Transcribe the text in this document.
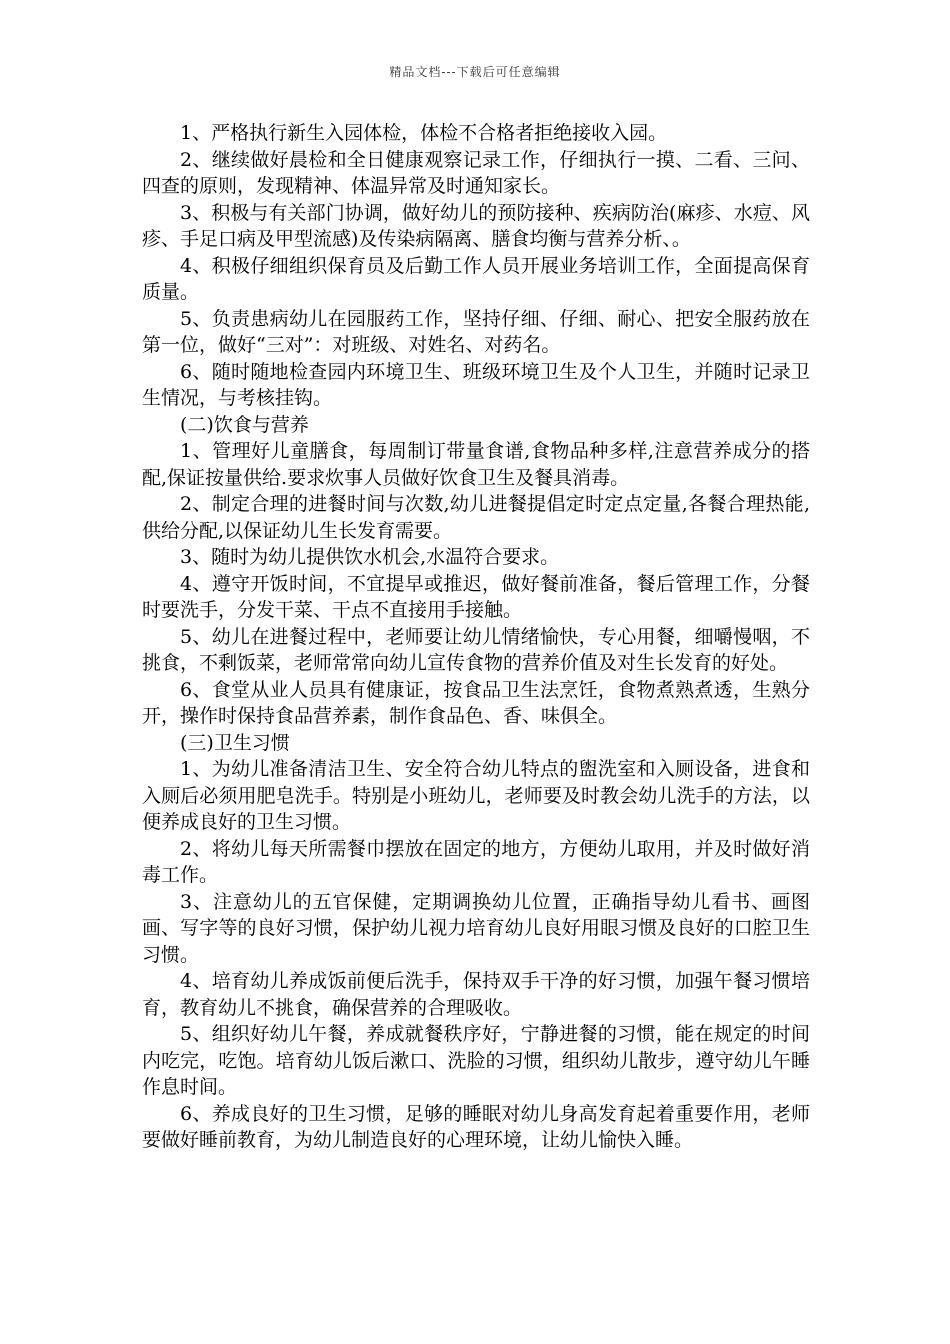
精品文档---下载后可任意编辑

1、严格执行新生入园体检，体检不合格者拒绝接收入园。

2、继续做好晨检和全日健康观察记录工作，仔细执行一摸、二看、三问、四查的原则，发现精神、体温异常及时通知家长。

3、积极与有关部门协调，做好幼儿的预防接种、疾病防治(麻疹、水痘、风疹、手足口病及甲型流感)及传染病隔离、膳食均衡与营养分析、。

4、积极仔细组织保育员及后勤工作人员开展业务培训工作，全面提高保育质量。

5、负责患病幼儿在园服药工作，坚持仔细、仔细、耐心、把安全服药放在第一位，做好“三对”：对班级、对姓名、对药名。

6、随时随地检查园内环境卫生、班级环境卫生及个人卫生，并随时记录卫生情况，与考核挂钩。

(二)饮食与营养

1、管理好儿童膳食，每周制订带量食谱,食物品种多样,注意营养成分的搭配,保证按量供给.要求炊事人员做好饮食卫生及餐具消毒。

2、制定合理的进餐时间与次数,幼儿进餐提倡定时定点定量,各餐合理热能,供给分配,以保证幼儿生长发育需要。

3、随时为幼儿提供饮水机会,水温符合要求。

4、遵守开饭时间，不宜提早或推迟，做好餐前准备，餐后管理工作，分餐时要洗手，分发干菜、干点不直接用手接触。

5、幼儿在进餐过程中，老师要让幼儿情绪愉快，专心用餐，细嚼慢咽，不挑食，不剩饭菜，老师常常向幼儿宣传食物的营养价值及对生长发育的好处。

6、食堂从业人员具有健康证，按食品卫生法烹饪，食物煮熟煮透，生熟分开，操作时保持食品营养素，制作食品色、香、味俱全。

(三)卫生习惯

1、为幼儿准备清洁卫生、安全符合幼儿特点的盥洗室和入厕设备，进食和入厕后必须用肥皂洗手。特别是小班幼儿，老师要及时教会幼儿洗手的方法，以便养成良好的卫生习惯。

2、将幼儿每天所需餐巾摆放在固定的地方，方便幼儿取用，并及时做好消毒工作。

3、注意幼儿的五官保健，定期调换幼儿位置，正确指导幼儿看书、画图画、写字等的良好习惯，保护幼儿视力培育幼儿良好用眼习惯及良好的口腔卫生习惯。

4、培育幼儿养成饭前便后洗手，保持双手干净的好习惯，加强午餐习惯培育，教育幼儿不挑食，确保营养的合理吸收。

5、组织好幼儿午餐，养成就餐秩序好，宁静进餐的习惯，能在规定的时间内吃完，吃饱。培育幼儿饭后漱口、洗脸的习惯，组织幼儿散步，遵守幼儿午睡作息时间。

6、养成良好的卫生习惯，足够的睡眠对幼儿身高发育起着重要作用，老师要做好睡前教育，为幼儿制造良好的心理环境，让幼儿愉快入睡。
